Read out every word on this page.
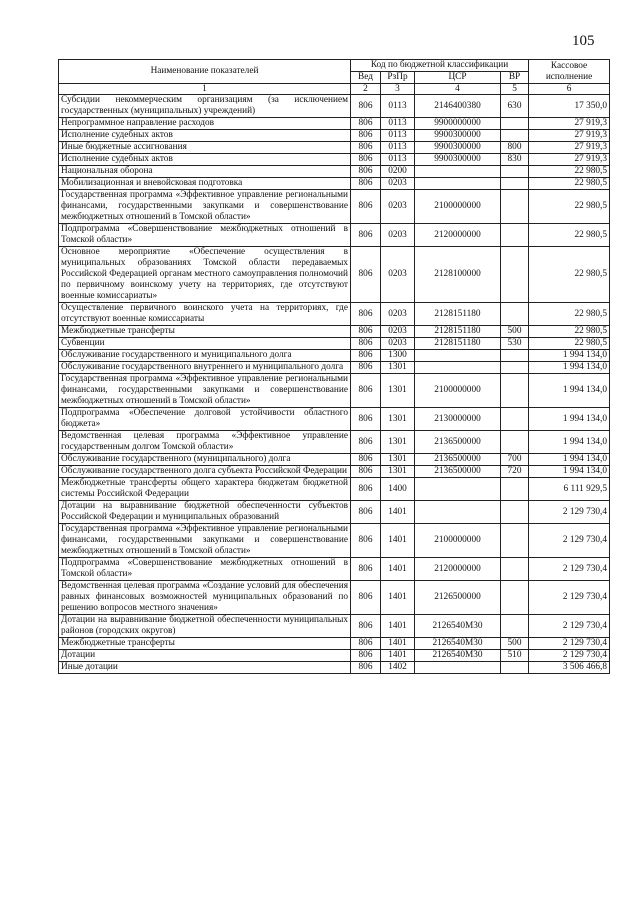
105
Наименование показателей	Код по бюджетной классификации				Кассовое исполнение
	Вед	РзПр	ЦСР	ВР	
1	2	3	4	5	6
Субсидии некоммерческим организациям (за исключением государственных (муниципальных) учреждений)	806	0113	2146400380	630	17 350,0
Непрограммное направление расходов	806	0113	9900000000		27 919,3
Исполнение судебных актов	806	0113	9900300000		27 919,3
Иные бюджетные ассигнования	806	0113	9900300000	800	27 919,3
Исполнение судебных актов	806	0113	9900300000	830	27 919,3
Национальная оборона	806	0200			22 980,5
Мобилизационная и вневойсковая подготовка	806	0203			22 980,5
Государственная программа «Эффективное управление региональными финансами, государственными закупками и совершенствование межбюджетных отношений в Томской области»	806	0203	2100000000		22 980,5
Подпрограмма «Совершенствование межбюджетных отношений в Томской области»	806	0203	2120000000		22 980,5
Основное мероприятие «Обеспечение осуществления в муниципальных образованиях Томской области передаваемых Российской Федерацией органам местного самоуправления полномочий по первичному воинскому учету на территориях, где отсутствуют военные комиссариаты»	806	0203	2128100000		22 980,5
Осуществление первичного воинского учета на территориях, где отсутствуют военные комиссариаты	806	0203	2128151180		22 980,5
Межбюджетные трансферты	806	0203	2128151180	500	22 980,5
Субвенции	806	0203	2128151180	530	22 980,5
Обслуживание государственного и муниципального долга	806	1300			1 994 134,0
Обслуживание государственного внутреннего и муниципального долга	806	1301			1 994 134,0
Государственная программа «Эффективное управление региональными финансами, государственными закупками и совершенствование межбюджетных отношений в Томской области»	806	1301	2100000000		1 994 134,0
Подпрограмма «Обеспечение долговой устойчивости областного бюджета»	806	1301	2130000000		1 994 134,0
Ведомственная целевая программа «Эффективное управление государственным долгом Томской области»	806	1301	2136500000		1 994 134,0
Обслуживание государственного (муниципального) долга	806	1301	2136500000	700	1 994 134,0
Обслуживание государственного долга субъекта Российской Федерации	806	1301	2136500000	720	1 994 134,0
Межбюджетные трансферты общего характера бюджетам бюджетной системы Российской Федерации	806	1400			6 111 929,5
Дотации на выравнивание бюджетной обеспеченности субъектов Российской Федерации и муниципальных образований	806	1401			2 129 730,4
Государственная программа «Эффективное управление региональными финансами, государственными закупками и совершенствование межбюджетных отношений в Томской области»	806	1401	2100000000		2 129 730,4
Подпрограмма «Совершенствование межбюджетных отношений в Томской области»	806	1401	2120000000		2 129 730,4
Ведомственная целевая программа «Создание условий для обеспечения равных финансовых возможностей муниципальных образований по решению вопросов местного значения»	806	1401	2126500000		2 129 730,4
Дотации на выравнивание бюджетной обеспеченности муниципальных районов (городских округов)	806	1401	2126540М30		2 129 730,4
Межбюджетные трансферты	806	1401	2126540М30	500	2 129 730,4
Дотации	806	1401	2126540М30	510	2 129 730,4
Иные дотации	806	1402			3 506 466,8
